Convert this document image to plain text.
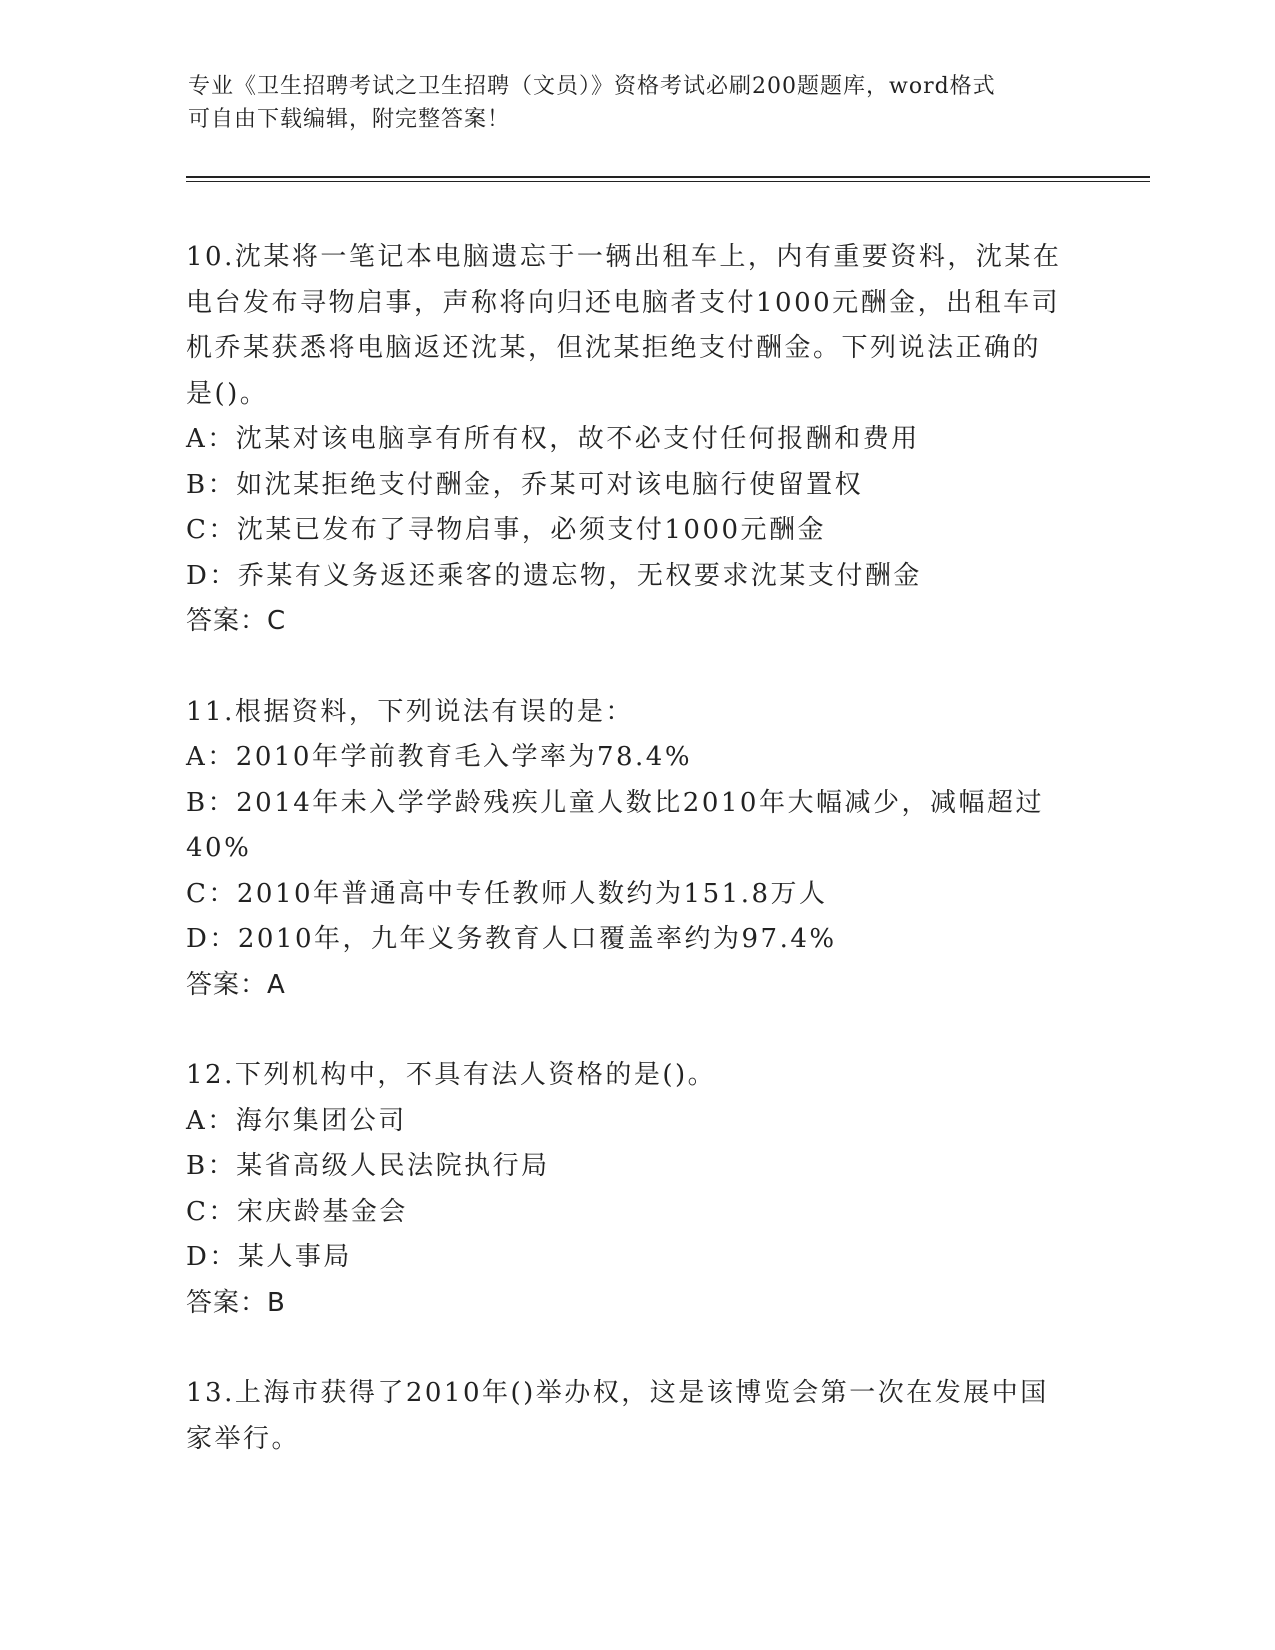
专业《卫生招聘考试之卫生招聘（文员）》资格考试必刷200题题库，word格式
可自由下载编辑，附完整答案！
10.沈某将一笔记本电脑遗忘于一辆出租车上，内有重要资料，沈某在
电台发布寻物启事，声称将向归还电脑者支付1000元酬金，出租车司
机乔某获悉将电脑返还沈某，但沈某拒绝支付酬金。下列说法正确的
是()。
A：沈某对该电脑享有所有权，故不必支付任何报酬和费用
B：如沈某拒绝支付酬金，乔某可对该电脑行使留置权
C：沈某已发布了寻物启事，必须支付1000元酬金
D：乔某有义务返还乘客的遗忘物，无权要求沈某支付酬金
答案：C
11.根据资料，下列说法有误的是：
A：2010年学前教育毛入学率为78.4%
B：2014年未入学学龄残疾儿童人数比2010年大幅减少，减幅超过
40%
C：2010年普通高中专任教师人数约为151.8万人
D：2010年，九年义务教育人口覆盖率约为97.4%
答案：A
12.下列机构中，不具有法人资格的是()。
A：海尔集团公司
B：某省高级人民法院执行局
C：宋庆龄基金会
D：某人事局
答案：B
13.上海市获得了2010年()举办权，这是该博览会第一次在发展中国
家举行。
